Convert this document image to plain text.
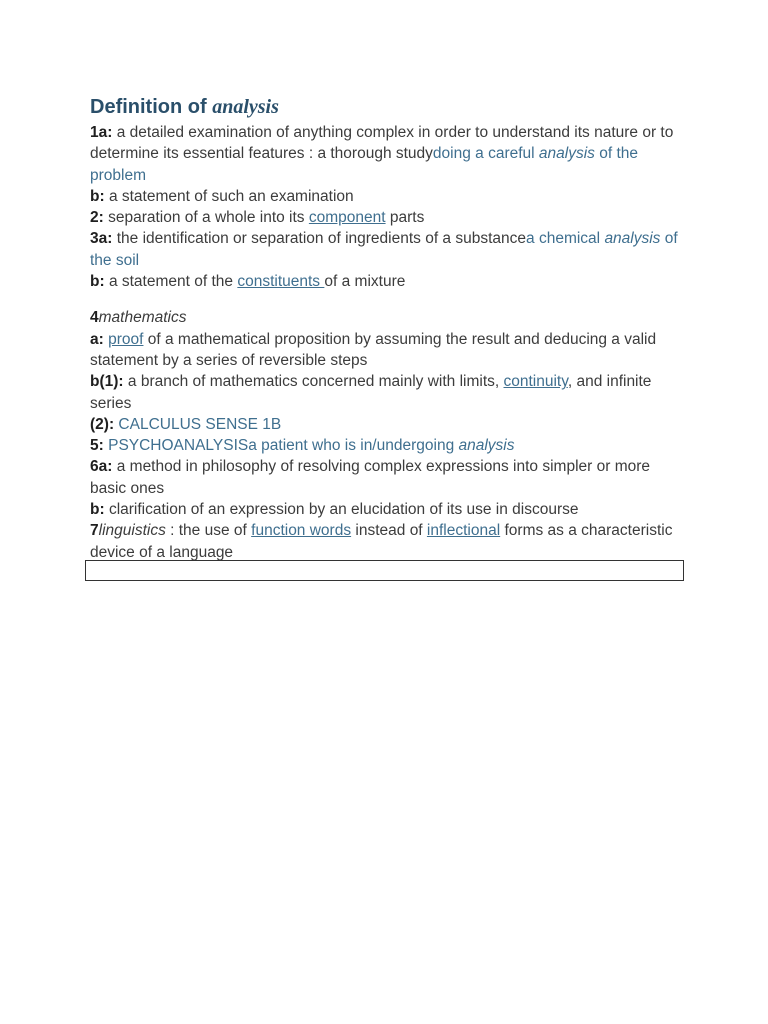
Definition of analysis

1a: a detailed examination of anything complex in order to understand its nature or to determine its essential features : a thorough studydoing a careful analysis of the problem

b: a statement of such an examination

2: separation of a whole into its component parts

3a: the identification or separation of ingredients of a substancea chemical analysis of the soil

b: a statement of the constituents of a mixture

4mathematics

a: proof of a mathematical proposition by assuming the result and deducing a valid statement by a series of reversible steps

b(1): a branch of mathematics concerned mainly with limits, continuity, and infinite series

(2): CALCULUS SENSE 1B

5: PSYCHOANALYSISa patient who is in/undergoing analysis

6a: a method in philosophy of resolving complex expressions into simpler or more basic ones

b: clarification of an expression by an elucidation of its use in discourse

7linguistics : the use of function words instead of inflectional forms as a characteristic device of a language
